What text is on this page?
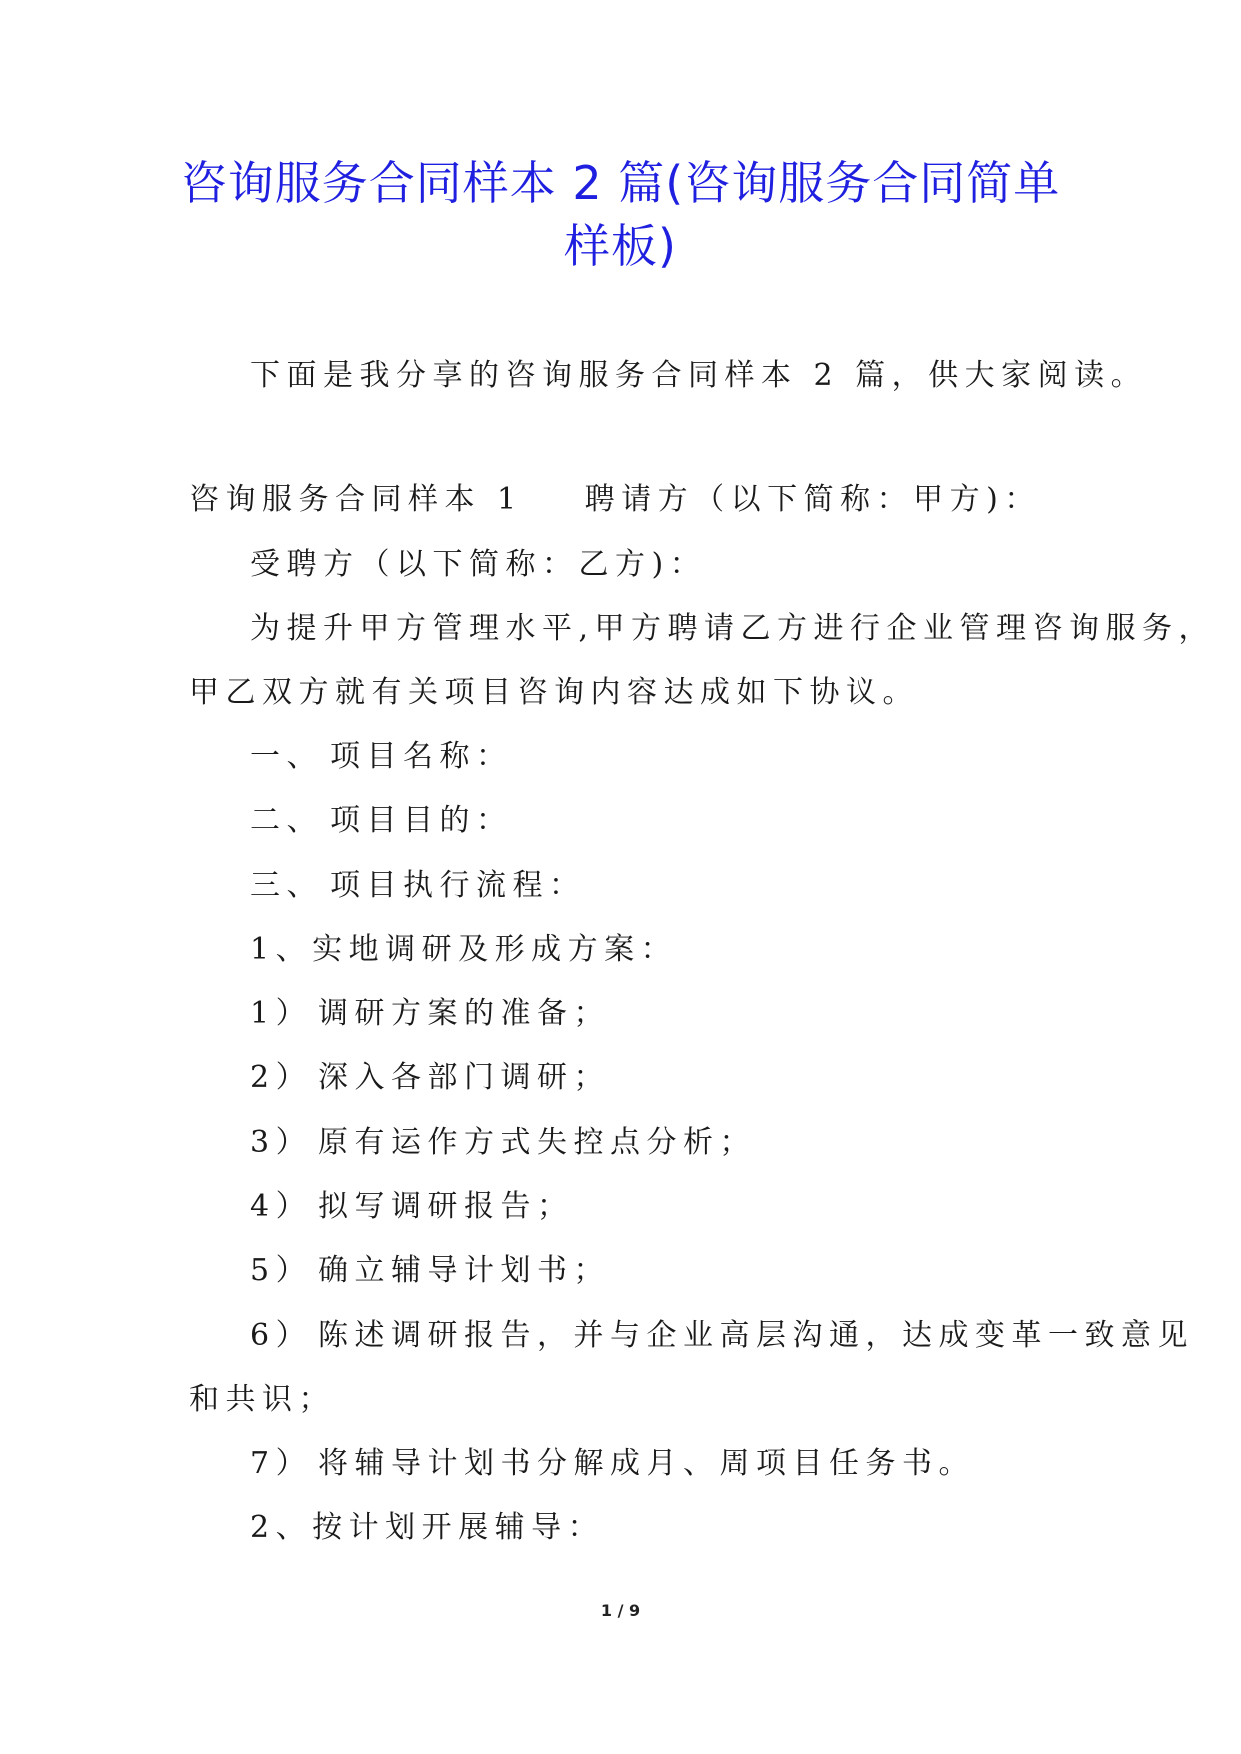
咨询服务合同样本 2 篇(咨询服务合同简单
样板)
下面是我分享的咨询服务合同样本 2 篇，供大家阅读。
咨询服务合同样本 1 聘请方（以下简称：甲方)：
受聘方（以下简称：乙方)：
为提升甲方管理水平,甲方聘请乙方进行企业管理咨询服务，
甲乙双方就有关项目咨询内容达成如下协议。
一、 项目名称：
二、 项目目的：
三、 项目执行流程：
1、实地调研及形成方案：
1） 调研方案的准备；
2） 深入各部门调研；
3） 原有运作方式失控点分析；
4） 拟写调研报告；
5） 确立辅导计划书；
6） 陈述调研报告，并与企业高层沟通，达成变革一致意见
和共识；
7） 将辅导计划书分解成月、周项目任务书。
2、按计划开展辅导：
1 / 9
